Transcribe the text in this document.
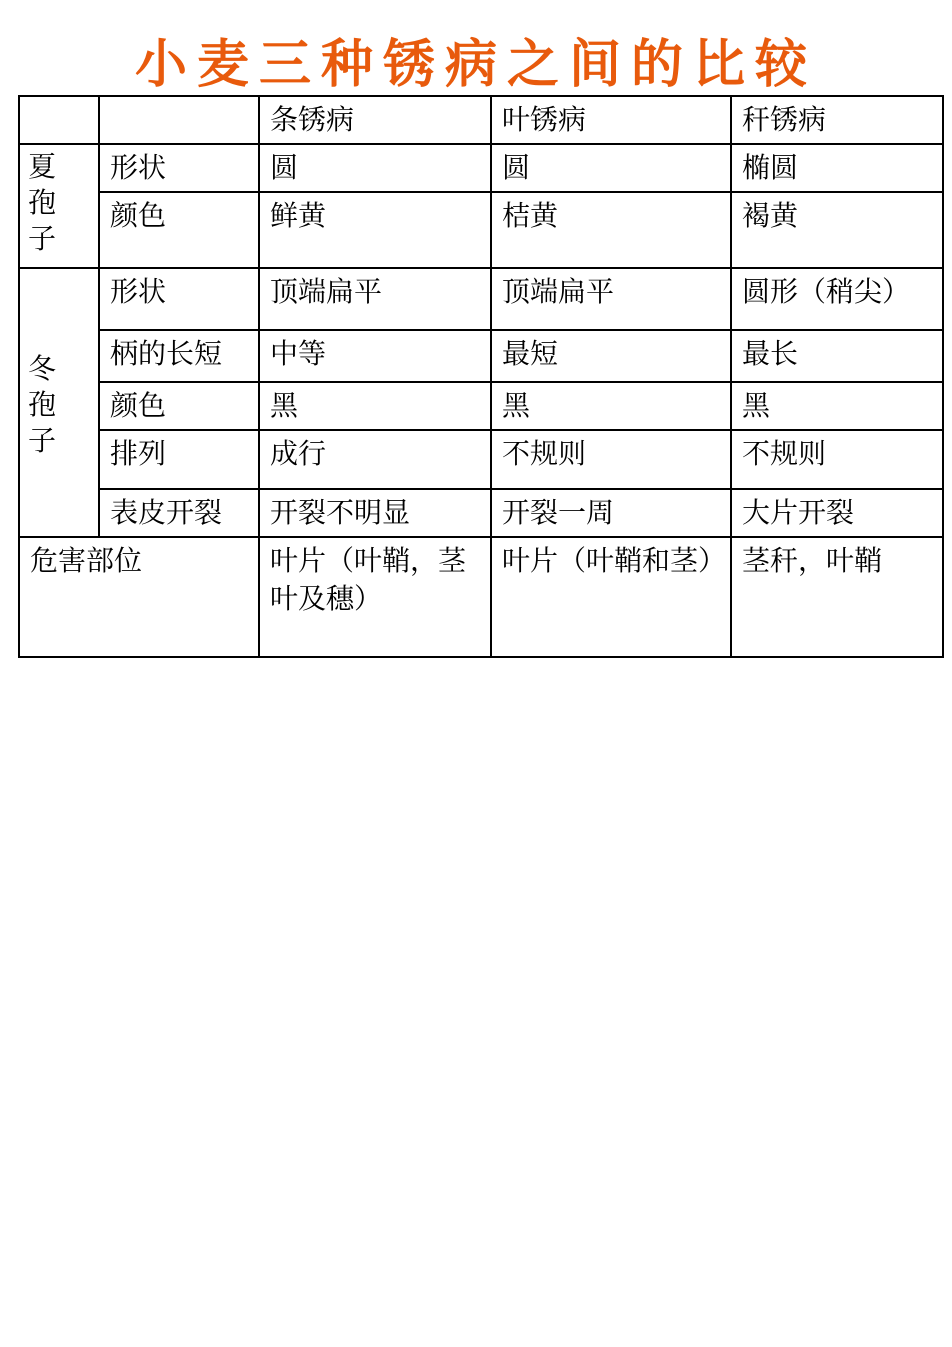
小麦三种锈病之间的比较
		条锈病	叶锈病	秆锈病

夏
孢
子	形状	圆	圆	椭圆
	颜色	鲜黄	桔黄	褐黄

冬
孢
子	形状	顶端扁平	顶端扁平	圆形（稍尖）
	柄的长短	中等	最短	最长
	颜色	黑	黑	黑
	排列	成行	不规则	不规则
	表皮开裂	开裂不明显	开裂一周	大片开裂
危害部位		叶片（叶鞘，茎叶及穗）	叶片（叶鞘和茎）	茎秆，叶鞘
